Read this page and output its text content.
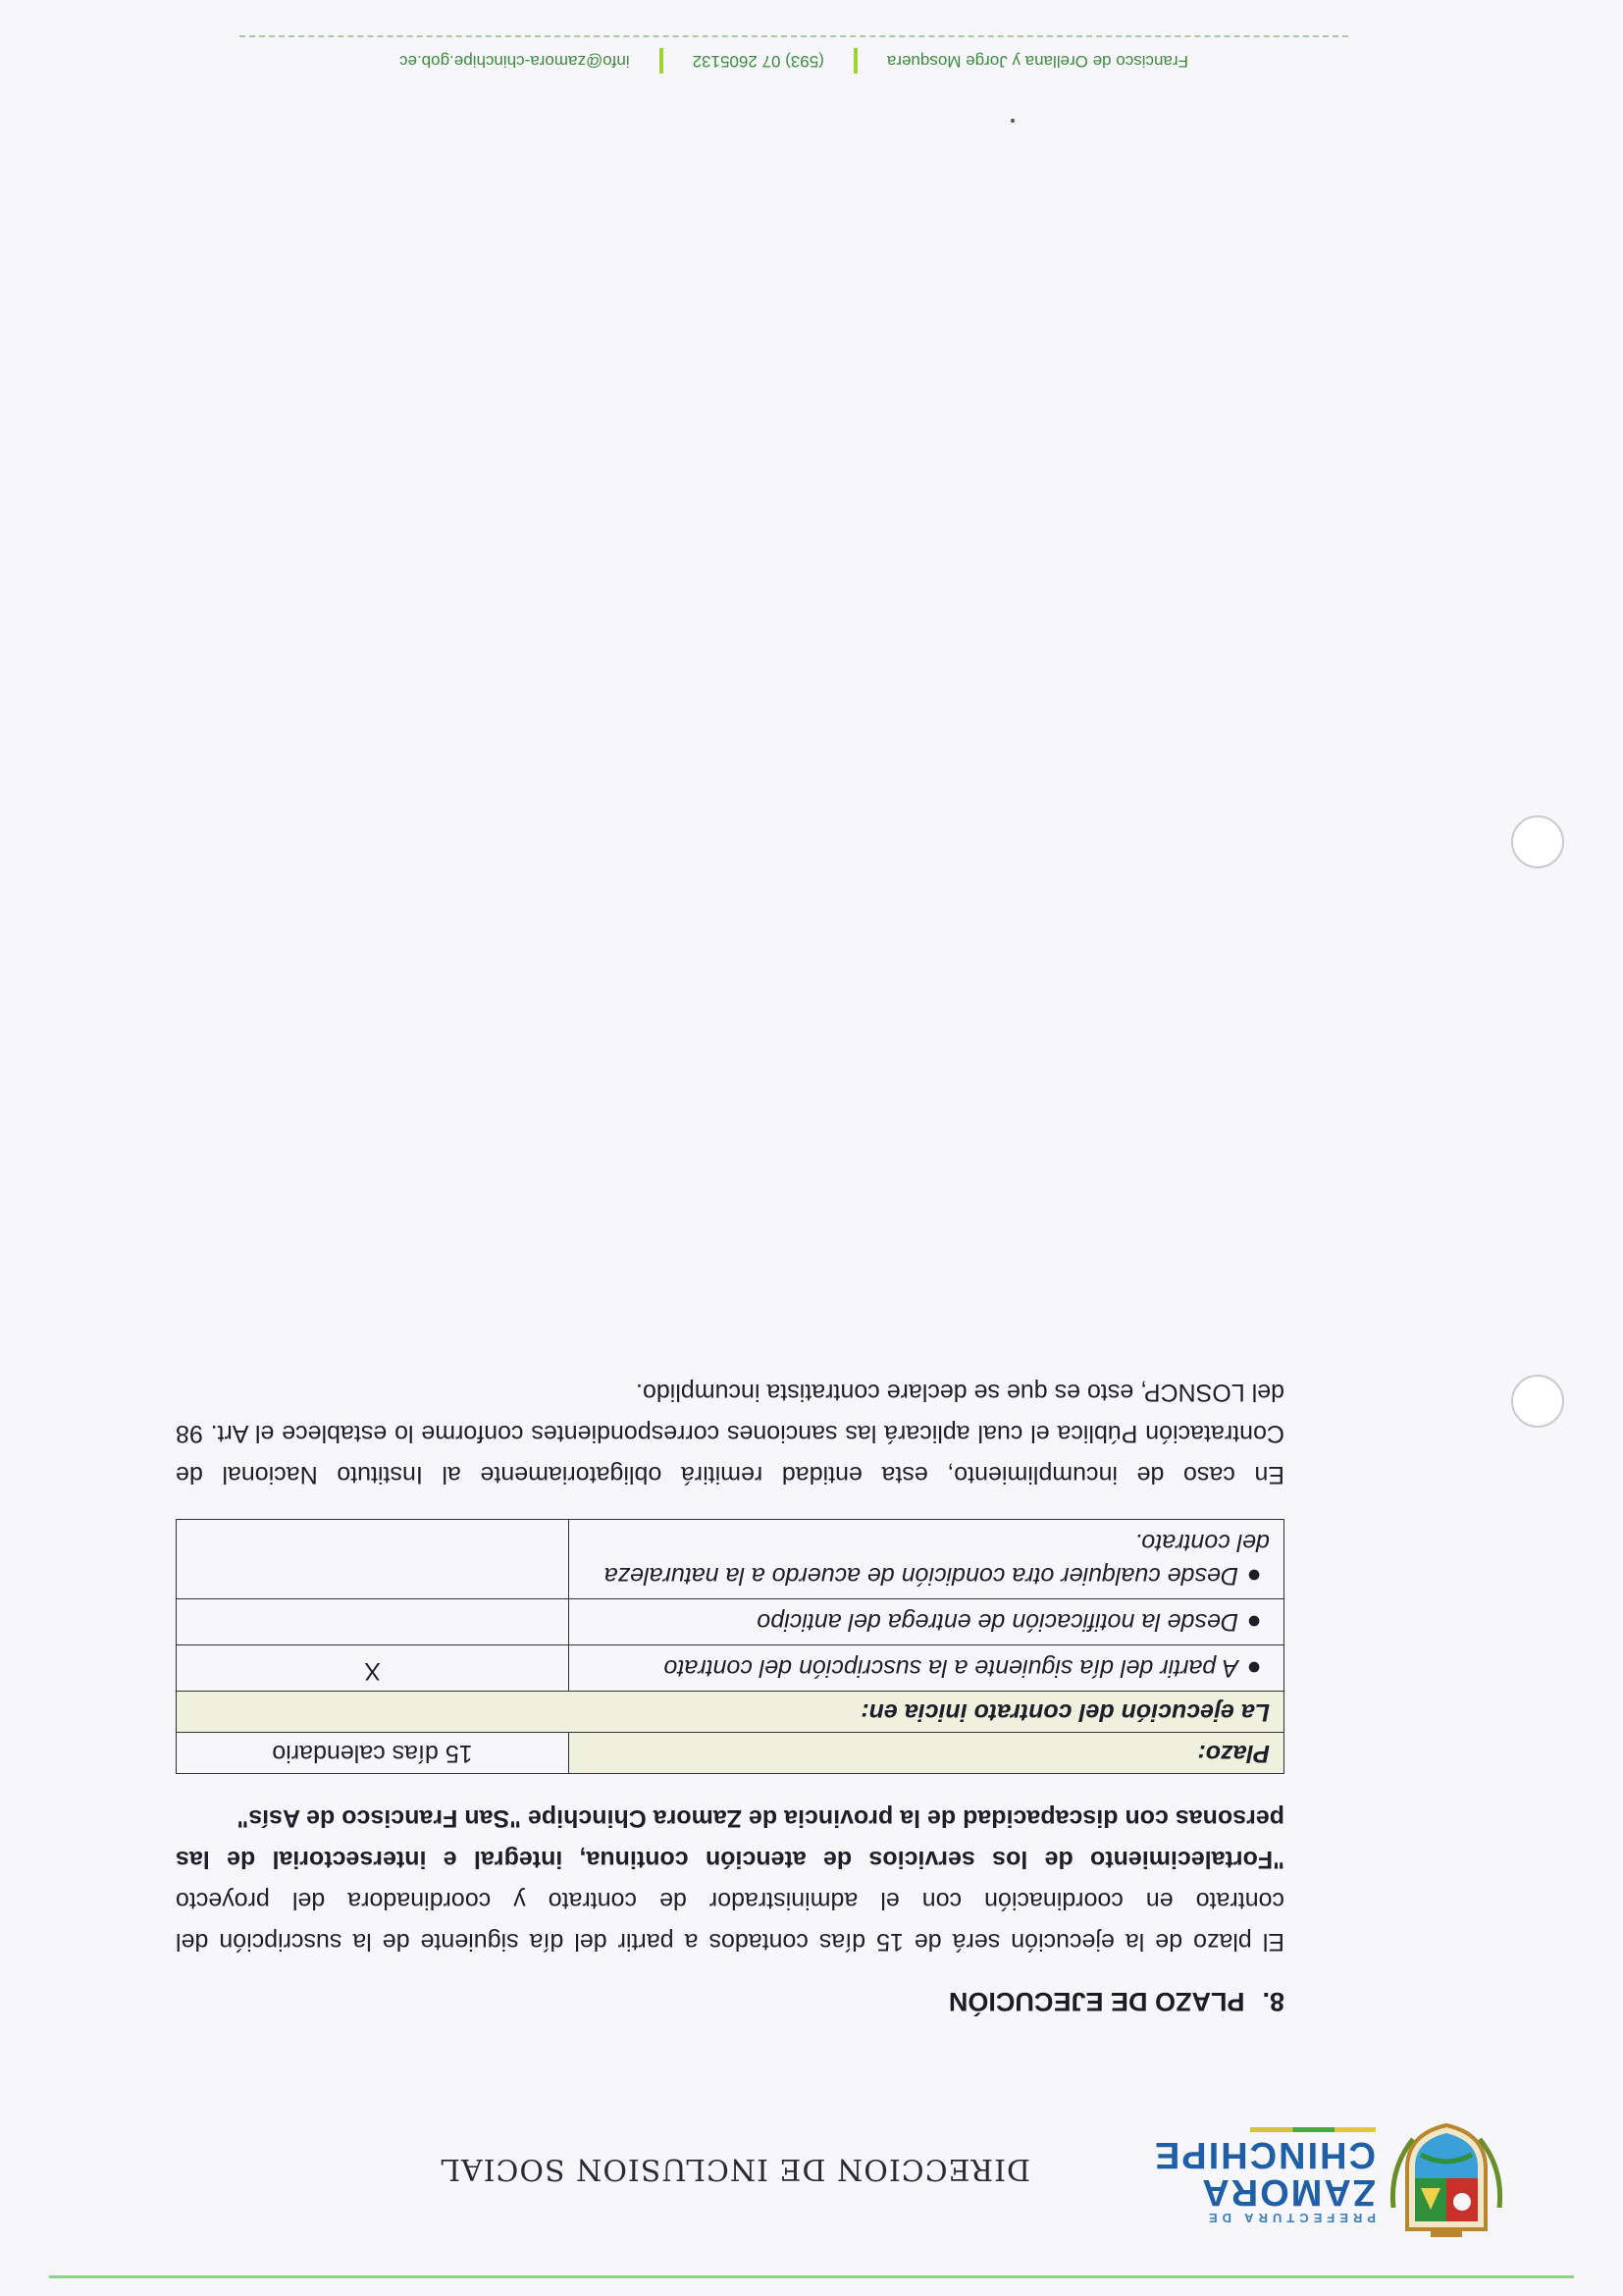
PREFECTURA DE
ZAMORA
CHINCHIPE
DIRECCION DE INCLUSION SOCIAL
8.PLAZO DE EJECUCIÓN

El plazo de la ejecución será de 15 días contados a partir del día siguiente de la suscripción del contrato en coordinación con el administrador de contrato y coordinadora del proyecto "Fortalecimiento de los servicios de atención continua, integral e intersectorial de las personas con discapacidad de la provincia de Zamora Chinchipe "San Francisco de Asís"

Plazo:	15 días calendario
La ejecución del contrato inicia en:	
●A partir del día siguiente a la suscripción del contrato	X
●Desde la notificación de entrega del anticipo	
●Desde cualquier otra condición de acuerdo a la naturaleza del contrato.	

En caso de incumplimiento, esta entidad remitirá obligatoriamente al Instituto Nacional de Contratación Pública el cual aplicará las sanciones correspondientes conforme lo establece el Art. 98 del LOSNCP, esto es que se declare contratista incumplido.

Francisco de Orellana y Jorge Mosquera
(593) 07 2605132
info@zamora-chinchipe.gob.ec
